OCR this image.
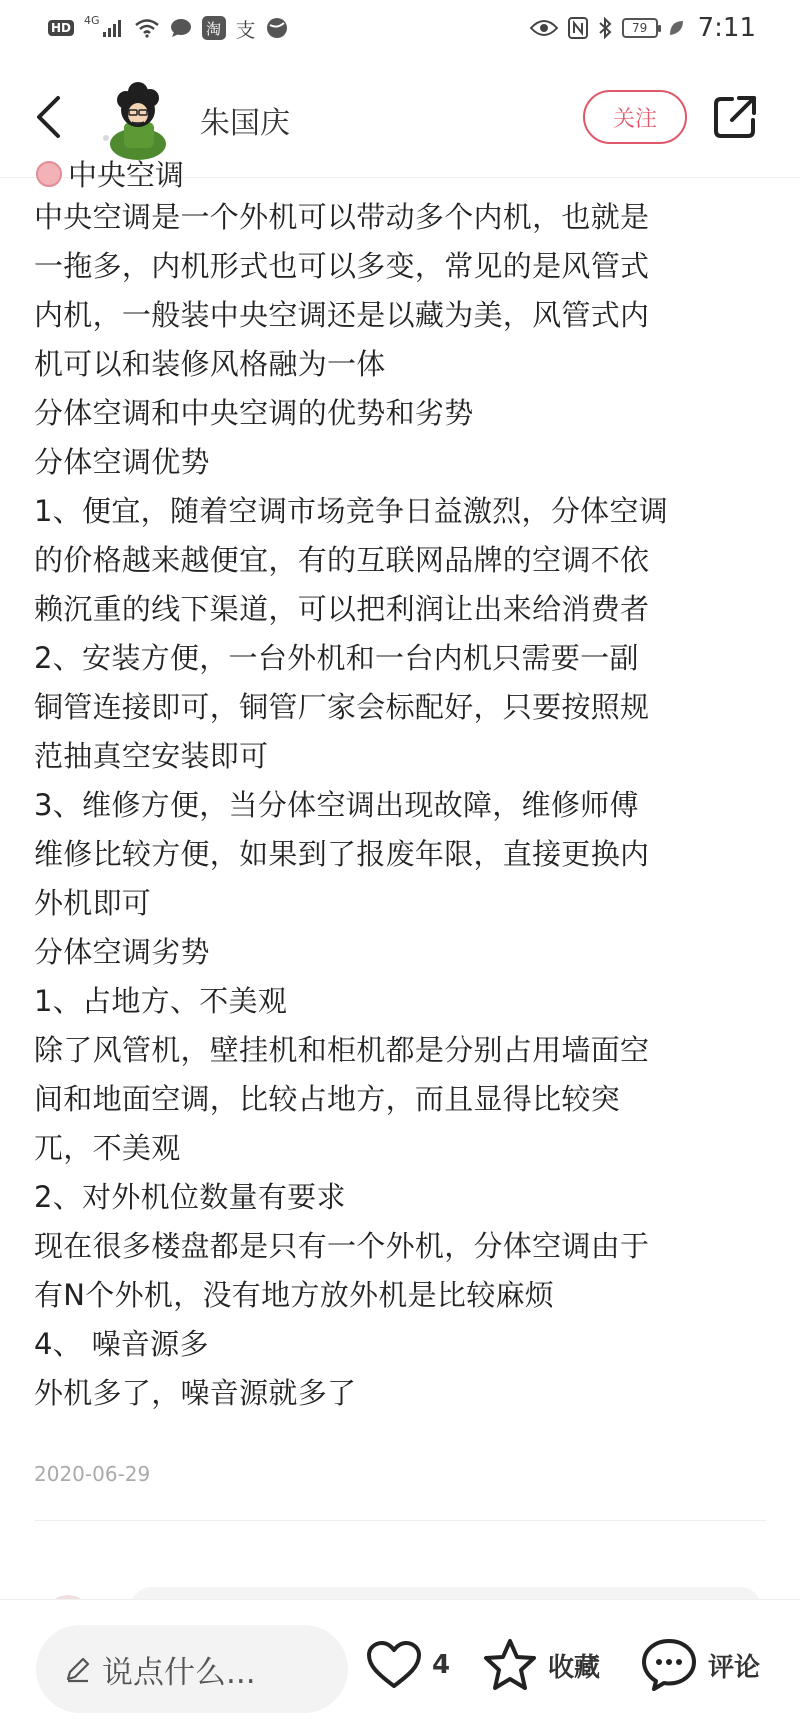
HD
4G	淘 支	79	7:11
朱国庆	关注
中央空调
中央空调是一个外机可以带动多个内机，也就是
一拖多，内机形式也可以多变，常见的是风管式
内机，一般装中央空调还是以藏为美，风管式内
机可以和装修风格融为一体
分体空调和中央空调的优势和劣势
分体空调优势
1、便宜，随着空调市场竞争日益激烈，分体空调
的价格越来越便宜，有的互联网品牌的空调不依
赖沉重的线下渠道，可以把利润让出来给消费者
2、安装方便，一台外机和一台内机只需要一副
铜管连接即可，铜管厂家会标配好，只要按照规
范抽真空安装即可
3、维修方便，当分体空调出现故障，维修师傅
维修比较方便，如果到了报废年限，直接更换内
外机即可
分体空调劣势
1、占地方、不美观
除了风管机，壁挂机和柜机都是分别占用墙面空
间和地面空调，比较占地方，而且显得比较突
兀，不美观
2、对外机位数量有要求
现在很多楼盘都是只有一个外机，分体空调由于
有N个外机，没有地方放外机是比较麻烦
4、 噪音源多
外机多了，噪音源就多了
2020-06-29
说点什么...	4	收藏	评论
